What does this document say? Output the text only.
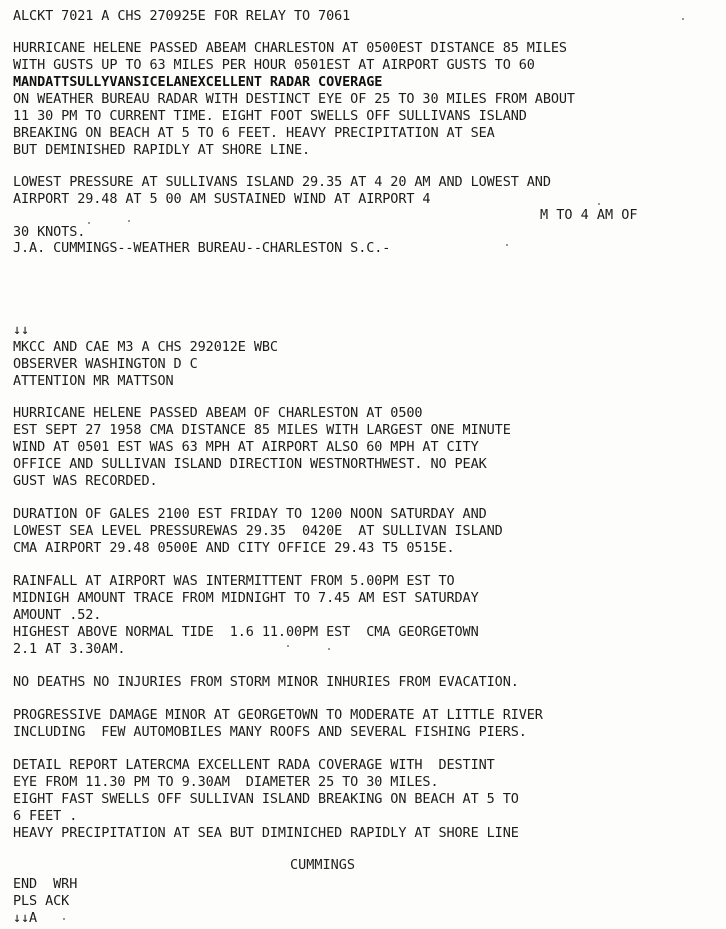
ALCKT 7021 A CHS 270925E FOR RELAY TO 7061

HURRICANE HELENE PASSED ABEAM CHARLESTON AT 0500EST DISTANCE 85 MILES

WITH GUSTS UP TO 63 MILES PER HOUR 0501EST AT AIRPORT GUSTS TO 60

MANDATTSULLYVANSICELANEXCELLENT RADAR COVERAGE

ON WEATHER BUREAU RADAR WITH DESTINCT EYE OF 25 TO 30 MILES FROM ABOUT

11 30 PM TO CURRENT TIME. EIGHT FOOT SWELLS OFF SULLIVANS ISLAND

BREAKING ON BEACH AT 5 TO 6 FEET. HEAVY PRECIPITATION AT SEA

BUT DEMINISHED RAPIDLY AT SHORE LINE.

LOWEST PRESSURE AT SULLIVANS ISLAND 29.35 AT 4 20 AM AND LOWEST AND

AIRPORT 29.48 AT 5 00 AM SUSTAINED WIND AT AIRPORT 4

M TO 4 AM OF

30 KNOTS.

J.A. CUMMINGS--WEATHER BUREAU--CHARLESTON S.C.-

↓↓

MKCC AND CAE M3 A CHS 292012E WBC

OBSERVER WASHINGTON D C

ATTENTION MR MATTSON

HURRICANE HELENE PASSED ABEAM OF CHARLESTON AT 0500

EST SEPT 27 1958 CMA DISTANCE 85 MILES WITH LARGEST ONE MINUTE

WIND AT 0501 EST WAS 63 MPH AT AIRPORT ALSO 60 MPH AT CITY

OFFICE AND SULLIVAN ISLAND DIRECTION WESTNORTHWEST. NO PEAK

GUST WAS RECORDED.

DURATION OF GALES 2100 EST FRIDAY TO 1200 NOON SATURDAY AND

LOWEST SEA LEVEL PRESSUREWAS 29.35  0420E  AT SULLIVAN ISLAND

CMA AIRPORT 29.48 0500E AND CITY OFFICE 29.43 T5 0515E.

RAINFALL AT AIRPORT WAS INTERMITTENT FROM 5.00PM EST TO

MIDNIGH AMOUNT TRACE FROM MIDNIGHT TO 7.45 AM EST SATURDAY

AMOUNT .52.

HIGHEST ABOVE NORMAL TIDE  1.6 11.00PM EST  CMA GEORGETOWN

2.1 AT 3.30AM.

NO DEATHS NO INJURIES FROM STORM MINOR INHURIES FROM EVACATION.

PROGRESSIVE DAMAGE MINOR AT GEORGETOWN TO MODERATE AT LITTLE RIVER

INCLUDING  FEW AUTOMOBILES MANY ROOFS AND SEVERAL FISHING PIERS.

DETAIL REPORT LATERCMA EXCELLENT RADA COVERAGE WITH  DESTINT

EYE FROM 11.30 PM TO 9.30AM  DIAMETER 25 TO 30 MILES.

EIGHT FAST SWELLS OFF SULLIVAN ISLAND BREAKING ON BEACH AT 5 TO

6 FEET .

HEAVY PRECIPITATION AT SEA BUT DIMINICHED RAPIDLY AT SHORE LINE

CUMMINGS

END  WRH

PLS ACK

↓↓A
